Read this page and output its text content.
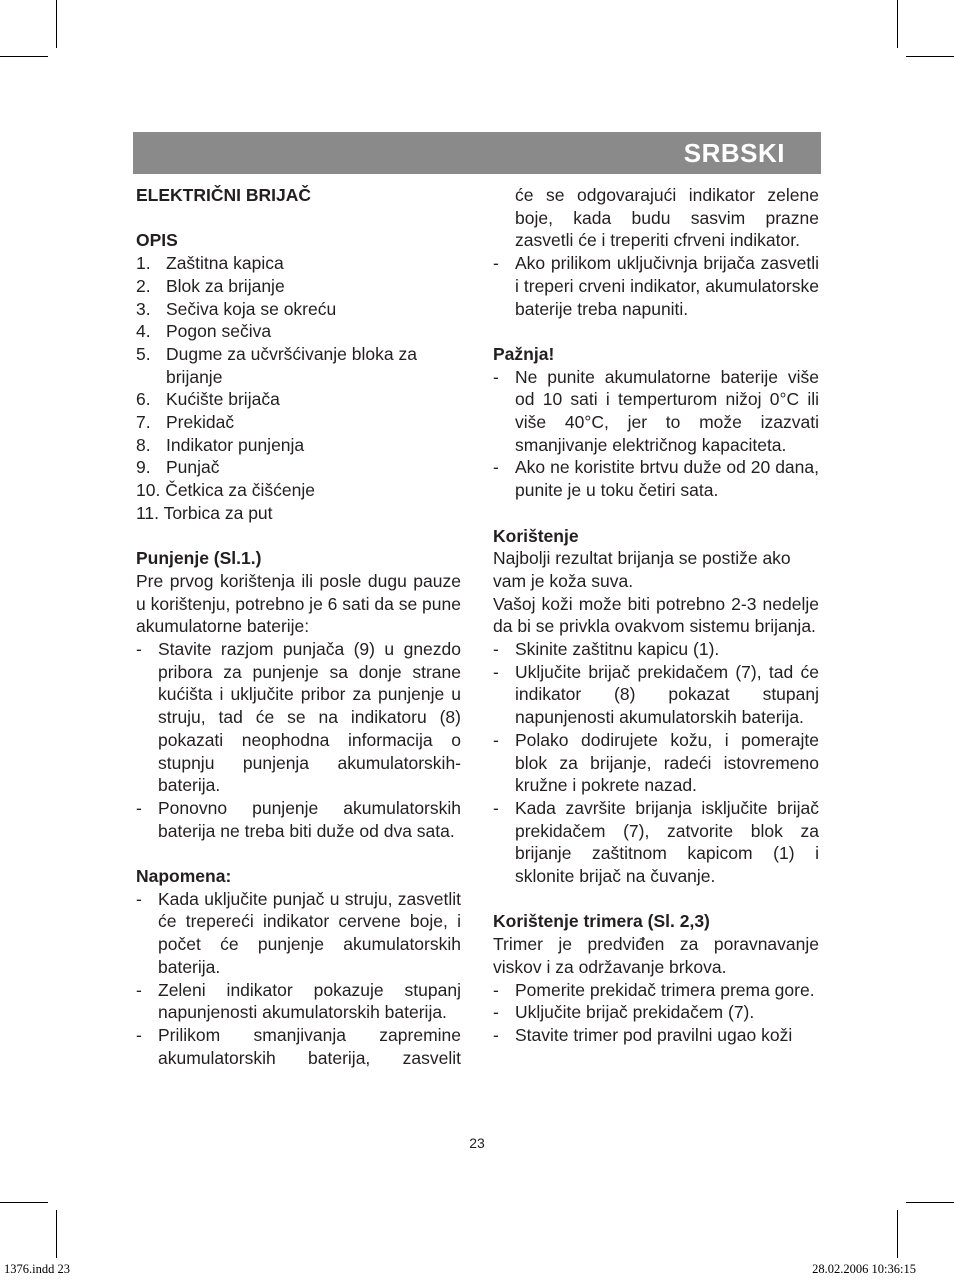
SRBSKI

ELEKTRIČNI BRIJAČ

OPIS

1. Zaštitna kapica
2. Blok za brijanje
3. Sečiva koja se okreću
4. Pogon sečiva
5. Dugme za učvršćivanje bloka za brijanje
6. Kućište brijača
7. Prekidač
8. Indikator punjenja
9. Punjač

10. Četkica za čišćenje

11. Torbica za put

Punjenje (Sl.1.)

Pre prvog korištenja ili posle dugu pauze u korištenju, potrebno je 6 sati da se pune akumulatorne baterije:

- Stavite razjom punjača (9) u gnezdo pribora za punjenje sa donje strane kućišta i uključite pribor za punjenje u struju, tad će se na indikatoru (8) pokazati neophodna informacija o stupnju punjenja akumulatorskih-baterija.
- Ponovno punjenje akumulatorskih baterija ne treba biti duže od dva sata.

Napomena:

- Kada uključite punjač u struju, zasvetlit će trepereći indikator cervene boje, i počet će punjenje akumulatorskih baterija.
- Zeleni indikator pokazuje stupanj napunjenosti akumulatorskih baterija.
- Prilikom smanjivanja zapremine akumulatorskih baterija, zasvelit

će se odgovarajući indikator zelene boje, kada budu sasvim prazne zasvetli će i treperiti cfrveni indikator.

- Ako prilikom uključivnja brijača zasvetli i treperi crveni indikator, akumulatorske baterije treba napuniti.

Pažnja!

- Ne punite akumulatorne baterije više od 10 sati i temperturom nižoj 0°C ili više 40°C, jer to može izazvati smanjivanje električnog kapaciteta.
- Ako ne koristite brtvu duže od 20 dana, punite je u toku četiri sata.

Korištenje

Najbolji rezultat brijanja se postiže ako vam je koža suva.

Vašoj koži može biti potrebno 2-3 nedelje da bi se privkla ovakvom sistemu brijanja.

- Skinite zaštitnu kapicu (1).
- Uključite brijač prekidačem (7), tad će indikator (8) pokazat stupanj napunjenosti akumulatorskih baterija.
- Polako dodirujete kožu, i pomerajte blok za brijanje, radeći istovremeno kružne i pokrete nazad.
- Kada završite brijanja isključite brijač prekidačem (7), zatvorite blok za brijanje zaštitnom kapicom (1) i sklonite brijač na čuvanje.

Korištenje trimera (Sl. 2,3)

Trimer je predviđen za poravnavanje viskov i za održavanje brkova.

- Pomerite prekidač trimera prema gore.
- Uključite brijač prekidačem (7).
- Stavite trimer pod pravilni ugao koži
23
1376.indd 23	28.02.2006 10:36:15
